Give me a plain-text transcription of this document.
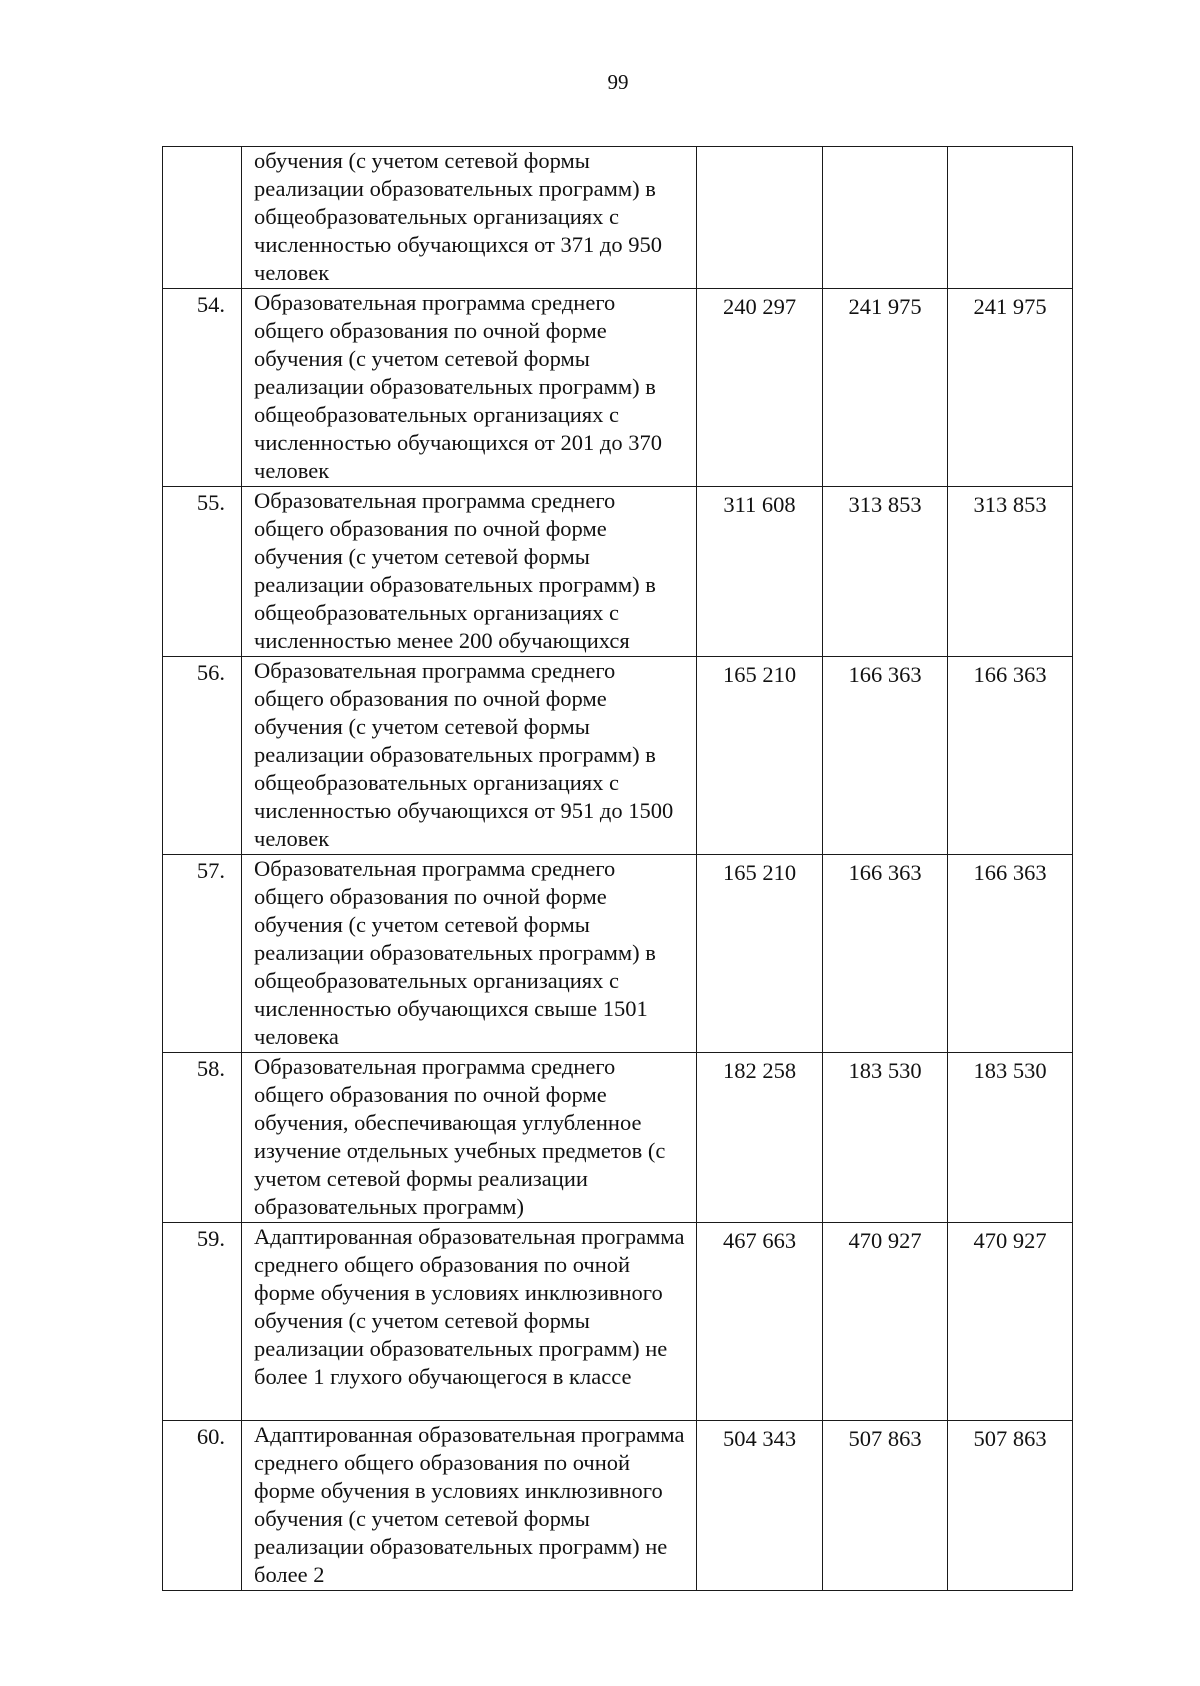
99
	обучения (с учетом сетевой формы реализации образовательных программ) в общеобразовательных организациях с численностью обучающихся от 371 до 950 человек			
54.	Образовательная программа среднего общего образования по очной форме обучения (с учетом сетевой формы реализации образовательных программ) в общеобразовательных организациях с численностью обучающихся от 201 до 370 человек	240 297	241 975	241 975
55.	Образовательная программа среднего общего образования по очной форме обучения (с учетом сетевой формы реализации образовательных программ) в общеобразовательных организациях с численностью менее 200 обучающихся	311 608	313 853	313 853
56.	Образовательная программа среднего общего образования по очной форме обучения (с учетом сетевой формы реализации образовательных программ) в общеобразовательных организациях с численностью обучающихся от 951 до 1500 человек	165 210	166 363	166 363
57.	Образовательная программа среднего общего образования по очной форме обучения (с учетом сетевой формы реализации образовательных программ) в общеобразовательных организациях с численностью обучающихся свыше 1501 человека	165 210	166 363	166 363
58.	Образовательная программа среднего общего образования по очной форме обучения, обеспечивающая углубленное изучение отдельных учебных предметов (с учетом сетевой формы реализации образовательных программ)	182 258	183 530	183 530
59.	Адаптированная образовательная программа среднего общего образования по очной форме обучения в условиях инклюзивного обучения (с учетом сетевой формы реализации образовательных программ) не более 1 глухого обучающегося в классе	467 663	470 927	470 927
60.	Адаптированная образовательная программа среднего общего образования по очной форме обучения в условиях инклюзивного обучения (с учетом сетевой формы реализации образовательных программ) не более 2	504 343	507 863	507 863
